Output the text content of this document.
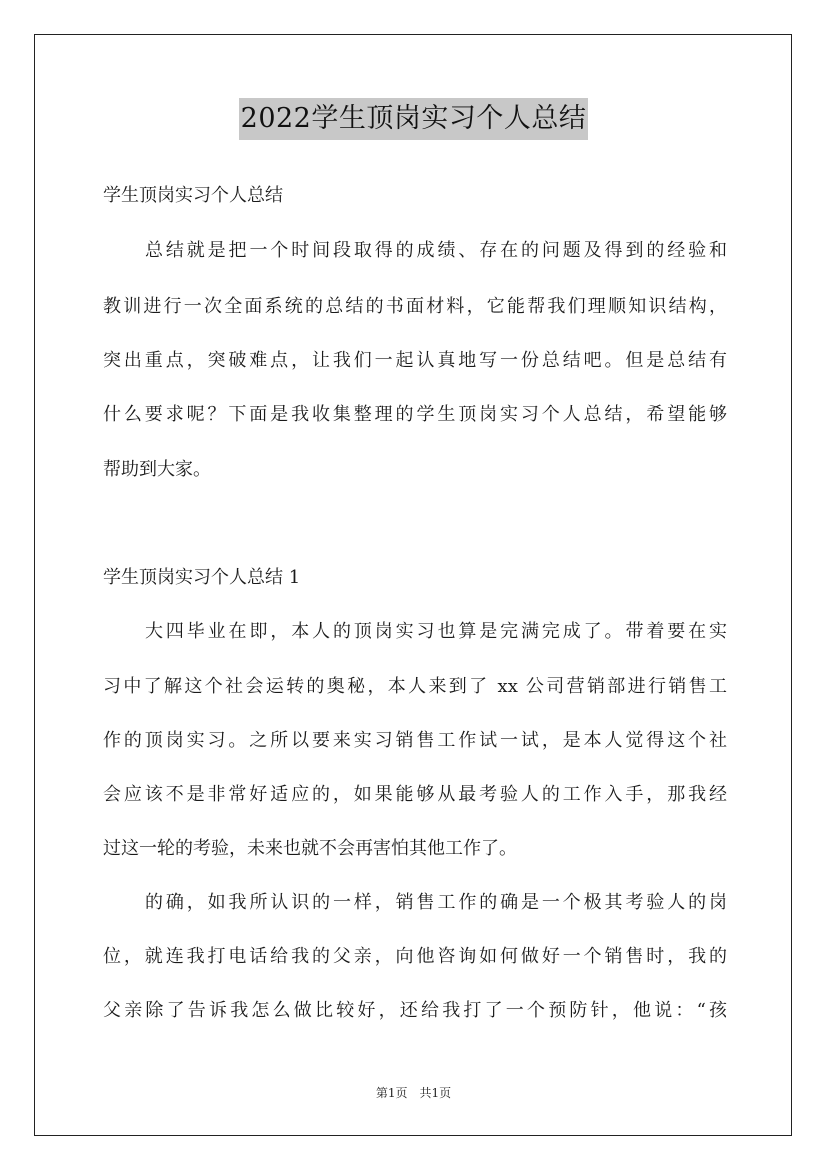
2022学生顶岗实习个人总结
学生顶岗实习个人总结
总结就是把一个时间段取得的成绩、存在的问题及得到的经验和
教训进行一次全面系统的总结的书面材料，它能帮我们理顺知识结构，
突出重点，突破难点，让我们一起认真地写一份总结吧。但是总结有
什么要求呢？下面是我收集整理的学生顶岗实习个人总结，希望能够
帮助到大家。
学生顶岗实习个人总结 1
大四毕业在即，本人的顶岗实习也算是完满完成了。带着要在实
习中了解这个社会运转的奥秘，本人来到了 xx 公司营销部进行销售工
作的顶岗实习。之所以要来实习销售工作试一试，是本人觉得这个社
会应该不是非常好适应的，如果能够从最考验人的工作入手，那我经
过这一轮的考验，未来也就不会再害怕其他工作了。
的确，如我所认识的一样，销售工作的确是一个极其考验人的岗
位，就连我打电话给我的父亲，向他咨询如何做好一个销售时，我的
父亲除了告诉我怎么做比较好，还给我打了一个预防针，他说：“孩
第1页　共1页
